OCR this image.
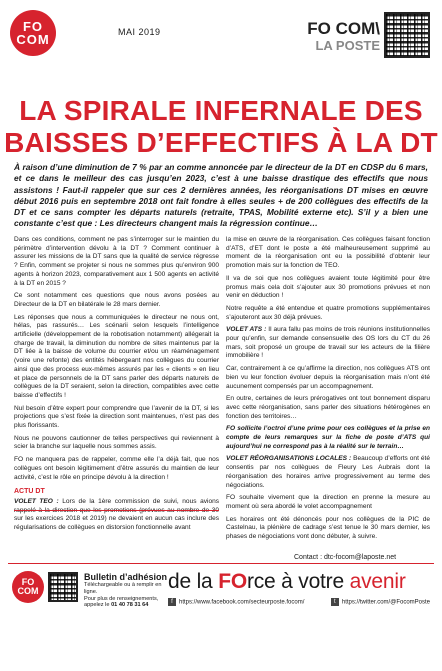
FO
COM	MAI 2019	FO COM\
LA POSTE
LA SPIRALE INFERNALE DES
BAISSES D’EFFECTIFS À LA DT
À raison d’une diminution de 7 % par an comme annoncée par le directeur de la DT en CDSP du 6 mars, et ce dans le meilleur des cas jusqu’en 2023, c’est à une baisse drastique des effectifs que nous assistons ! Faut-il rappeler que sur ces 2 dernières années, les réorganisations DT mises en œuvre début 2016 puis en septembre 2018 ont fait fondre à elles seules + de 200 collègues des effectifs de la DT et ce sans compter les départs naturels (retraite, TPAS, Mobilité externe etc). S’il y a bien une constante c’est que : Les directeurs changent mais la régression continue…

Dans ces conditions, comment ne pas s’interroger sur le maintien du périmètre d’intervention dévolu à la DT ? Comment continuer à assurer les missions de la DT sans que la qualité de service régresse ? Enfin, comment se projeter si nous ne sommes plus qu’environ 900 agents à horizon 2023, comparativement aux 1 500 agents en activité à la DT en 2015 ?

Ce sont notamment ces questions que nous avons posées au Directeur de la DT en bilatérale le 28 mars dernier.

Les réponses que nous a communiquées le directeur ne nous ont, hélas, pas rassurés… Les scénarii selon lesquels l’intelligence artificielle (développement de la robotisation notamment) allégerait la charge de travail, la diminution du nombre de sites maintenus par la DT liée à la baisse de volume du courrier et/ou un réaménagement (voire une refonte) des entités hébergeant nos collègues du courrier ainsi que des process eux-mêmes assurés par les « clients » en lieu et place de personnels de la DT sans parler des départs naturels de collègues de la DT seraient, selon la direction, compatibles avec cette baisse d’effectifs !

Nul besoin d’être expert pour comprendre que l’avenir de la DT, si les projections que s’est fixée la direction sont maintenues, n’est pas des plus florissants.

Nous ne pouvons cautionner de telles perspectives qui reviennent à scier la branche sur laquelle nous sommes assis.

FO ne manquera pas de rappeler, comme elle l’a déjà fait, que nos collègues ont besoin légitimement d’être assurés du maintien de leur activité, c’est le rôle en principe dévolu à la direction !

ACTU DT

VOLET TEO : Lors de la 1ère commission de suivi, nous avions sur les exercices 2018 et 2019) ne devaient en aucun cas inclure des régularisations de collègues en distorsion fonctionnelle avant

la mise en œuvre de la réorganisation. Ces collègues faisant fonction d’ATS, d’ET dont le poste a été malheureusement supprimé au moment de la réorganisation ont eu la possibilité d’obtenir leur promotion mais sur la fonction de TEO.

Il va de soi que nos collègues avaient toute légitimité pour être promus mais cela doit s’ajouter aux 30 promotions prévues et non venir en déduction !

Notre requête a été entendue et quatre promotions supplémentaires s’ajouteront aux 30 déjà prévues.

VOLET ATS : Il aura fallu pas moins de trois réunions institutionnelles pour qu’enfin, sur demande consensuelle des OS lors du CT du 26 mars, soit proposé un groupe de travail sur les acteurs de la filière immobilière !

Car, contrairement à ce qu’affirme la direction, nos collègues ATS ont bien vu leur fonction évoluer depuis la réorganisation mais n’ont été aucunement compensés par un accompagnement.

En outre, certaines de leurs prérogatives ont tout bonnement disparu avec cette réorganisation, sans parler des situations hétérogènes en fonction des territoires…

FO sollicite l’octroi d’une prime pour ces collègues et la prise en compte de leurs remarques sur la fiche de poste d’ATS qui aujourd’hui ne correspond pas à la réalité sur le terrain…

VOLET RÉORGANISATIONS LOCALES : Beaucoup d’efforts ont été consentis par nos collègues de Fleury Les Aubrais dont la réorganisation des horaires arrive progressivement au terme des négociations.

FO souhaite vivement que la direction en prenne la mesure au moment où sera abordé le volet accompagnement

Les horaires ont été dénoncés pour nos collègues de la PIC de Castelnau, la plénière de cadrage s’est tenue le 30 mars dernier, les phases de négociations vont donc débuter, à suivre.

Contact : dtc-focom@laposte.net
FO
COM
Bulletin d’adhésion
Téléchargeable ou à remplir en ligne.
Pour plus de renseignements,
appelez le 01 40 78 31 64
de la FOrce à votre avenir
f https://www.facebook.com/secteurposte.focom/	t https://twitter.com/@FocomPoste
